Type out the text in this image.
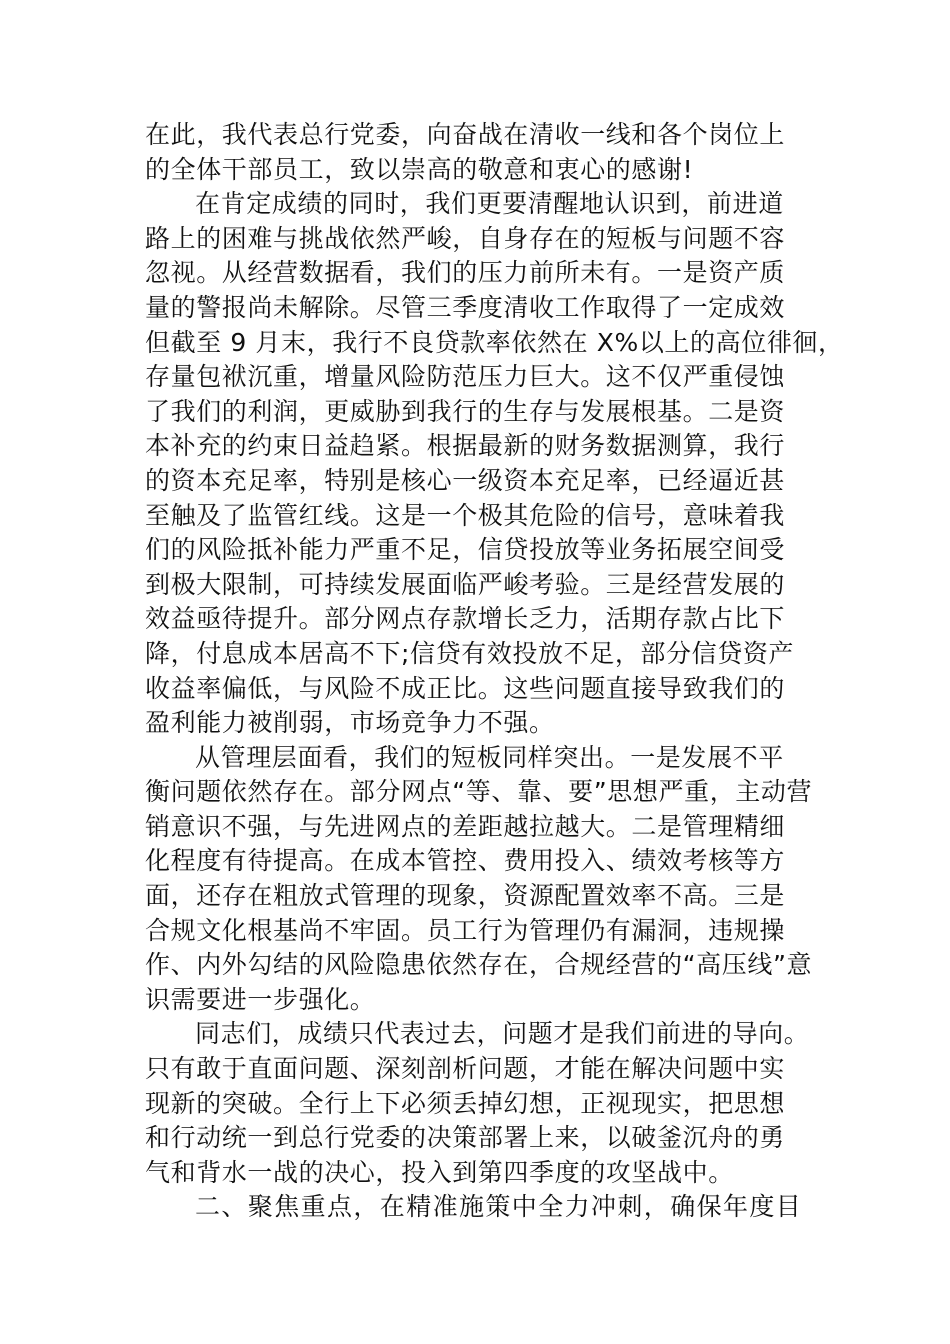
在此，我代表总行党委，向奋战在清收一线和各个岗位上
的全体干部员工，致以崇高的敬意和衷心的感谢!
在肯定成绩的同时，我们更要清醒地认识到，前进道
路上的困难与挑战依然严峻，自身存在的短板与问题不容
忽视。从经营数据看，我们的压力前所未有。一是资产质
量的警报尚未解除。尽管三季度清收工作取得了一定成效
但截至 9 月末，我行不良贷款率依然在 X%以上的高位徘徊，
存量包袱沉重，增量风险防范压力巨大。这不仅严重侵蚀
了我们的利润，更威胁到我行的生存与发展根基。二是资
本补充的约束日益趋紧。根据最新的财务数据测算，我行
的资本充足率，特别是核心一级资本充足率，已经逼近甚
至触及了监管红线。这是一个极其危险的信号，意味着我
们的风险抵补能力严重不足，信贷投放等业务拓展空间受
到极大限制，可持续发展面临严峻考验。三是经营发展的
效益亟待提升。部分网点存款增长乏力，活期存款占比下
降，付息成本居高不下;信贷有效投放不足，部分信贷资产
收益率偏低，与风险不成正比。这些问题直接导致我们的
盈利能力被削弱，市场竞争力不强。
从管理层面看，我们的短板同样突出。一是发展不平
衡问题依然存在。部分网点“等、靠、要”思想严重，主动营
销意识不强，与先进网点的差距越拉越大。二是管理精细
化程度有待提高。在成本管控、费用投入、绩效考核等方
面，还存在粗放式管理的现象，资源配置效率不高。三是
合规文化根基尚不牢固。员工行为管理仍有漏洞，违规操
作、内外勾结的风险隐患依然存在，合规经营的“高压线”意
识需要进一步强化。
同志们，成绩只代表过去，问题才是我们前进的导向。
只有敢于直面问题、深刻剖析问题，才能在解决问题中实
现新的突破。全行上下必须丢掉幻想，正视现实，把思想
和行动统一到总行党委的决策部署上来，以破釜沉舟的勇
气和背水一战的决心，投入到第四季度的攻坚战中。
二、聚焦重点，在精准施策中全力冲刺，确保年度目
